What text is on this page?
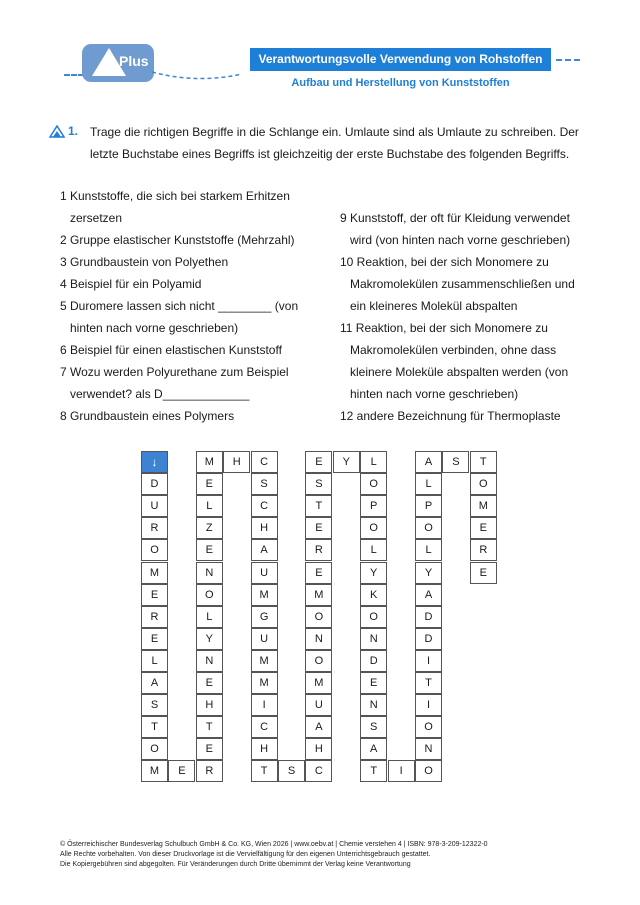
Plus	Verantwortungsvolle Verwendung von Rohstoffen
Aufbau und Herstellung von Kunststoffen
1. Trage die richtigen Begriffe in die Schlange ein. Umlaute sind als Umlaute zu schreiben. Der letzte Buchstabe eines Begriffs ist gleichzeitig der erste Buchstabe des folgenden Begriffs.
1 Kunststoffe, die sich bei starkem Erhitzen
zersetzen
2 Gruppe elastischer Kunststoffe (Mehrzahl)
3 Grundbaustein von Polyethen
4 Beispiel für ein Polyamid
5 Duromere lassen sich nicht ________ (von
hinten nach vorne geschrieben)
6 Beispiel für einen elastischen Kunststoff
7 Wozu werden Polyurethane zum Beispiel
verwendet? als D_____________
8 Grundbaustein eines Polymers
9 Kunststoff, der oft für Kleidung verwendet
wird (von hinten nach vorne geschrieben)
10 Reaktion, bei der sich Monomere zu
Makromolekülen zusammenschließen und ein kleineres Molekül abspalten
11 Reaktion, bei der sich Monomere zu
Makromolekülen verbinden, ohne dass kleinere Moleküle abspalten werden (von hinten nach vorne geschrieben)
12 andere Bezeichnung für Thermoplaste
↓
D
U
R
O
M
E
R
E
L
A
S
T
O
M	E
M
E
L
Z
E
N
O
L
Y
N
E
H
T
E
R
H	C
S
C
H
A
U
M
G
U
M
M
I
C
H
T	S
E
S
T
E
R
E
M
O
N
O
M
U
A
H
C
Y	L
O
P
O
L
Y
K
O
N
D
E
N
S
A
T	I
A
L
P
O
L
Y
A
D
D
I
T
I
O
N
O
S	T
O
M
E
R
E
© Österreichischer Bundesverlag Schulbuch GmbH & Co. KG, Wien 2026 | www.oebv.at | Chemie verstehen 4 | ISBN: 978-3-209-12322-0
Alle Rechte vorbehalten. Von dieser Druckvorlage ist die Vervielfältigung für den eigenen Unterrichtsgebrauch gestattet.
Die Kopiergebühren sind abgegolten. Für Veränderungen durch Dritte übernimmt der Verlag keine Verantwortung
